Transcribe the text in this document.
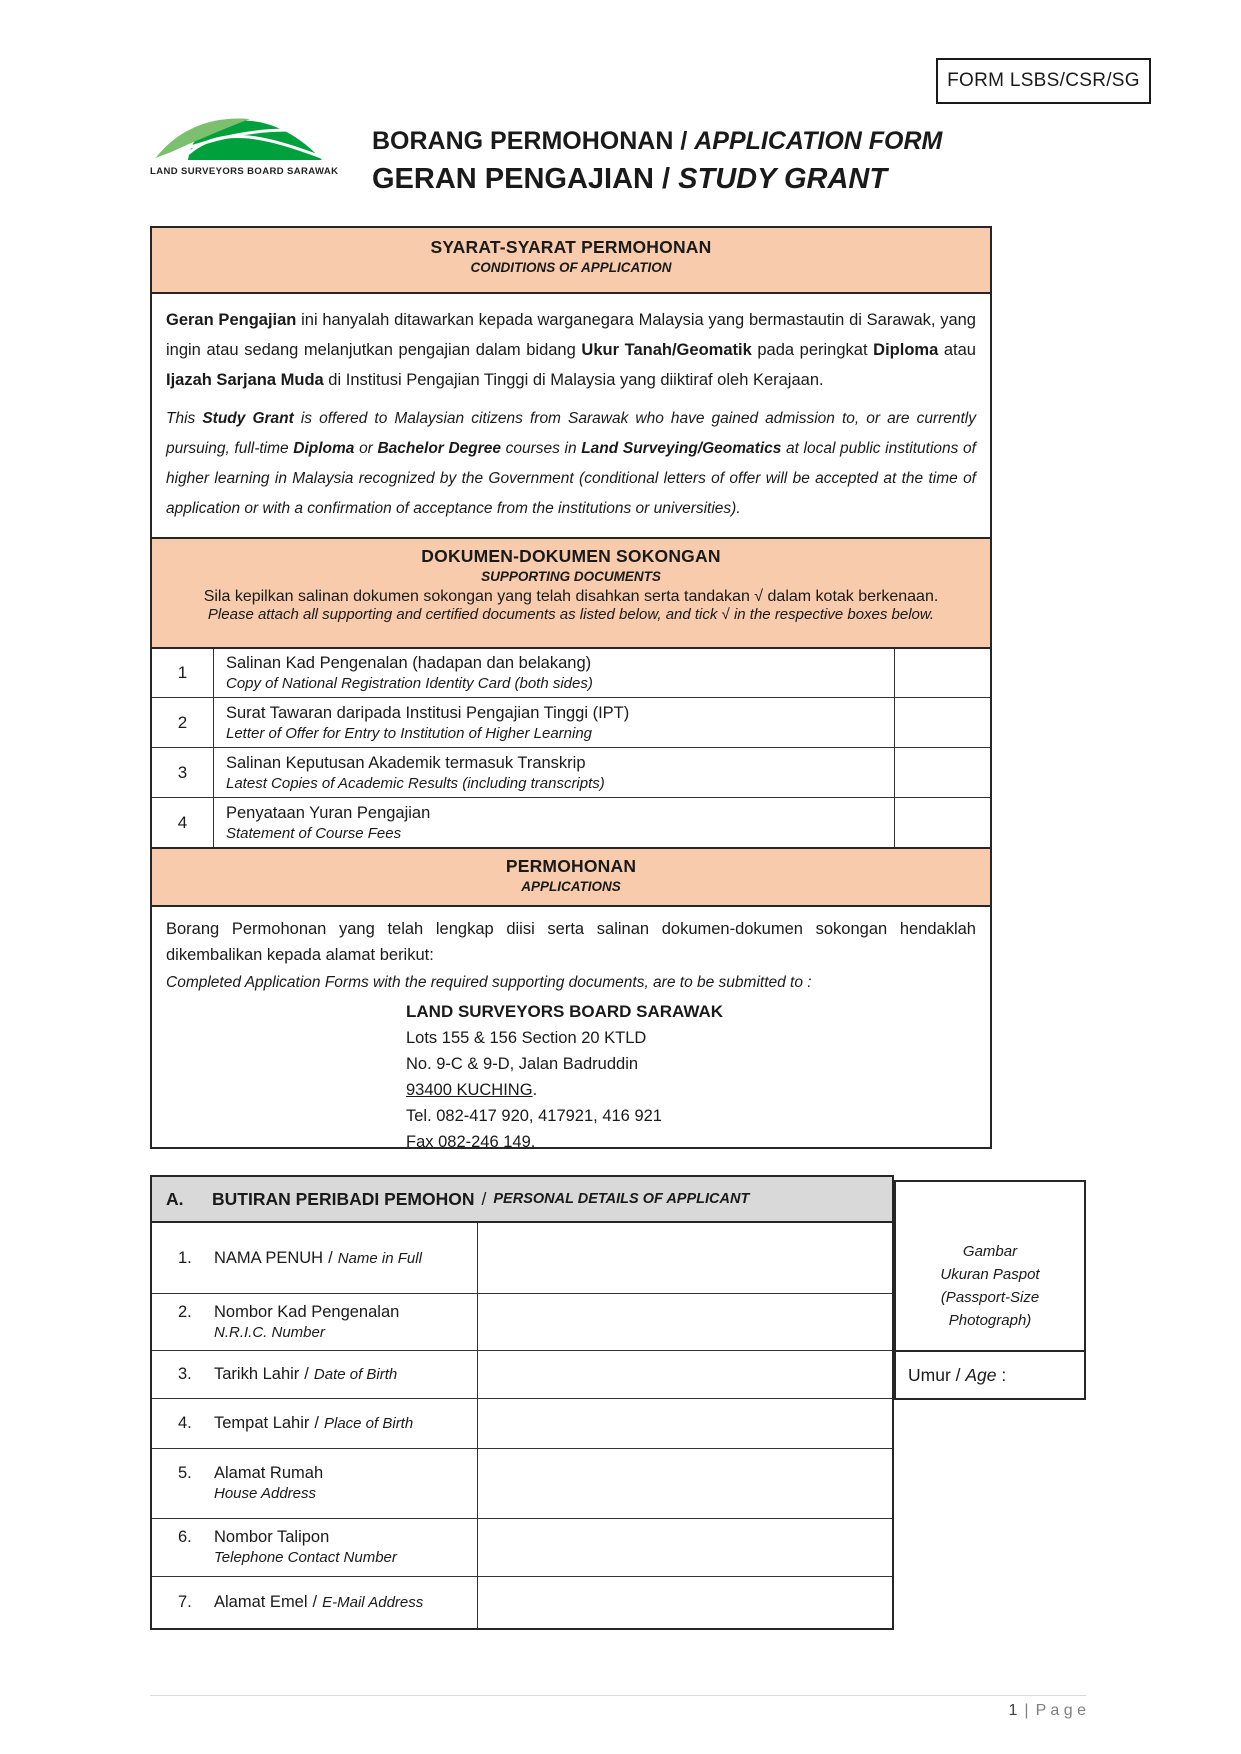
FORM LSBS/CSR/SG
LAND SURVEYORS BOARD SARAWAK
BORANG PERMOHONAN / APPLICATION FORM
GERAN PENGAJIAN / STUDY GRANT
SYARAT-SYARAT PERMOHONAN
CONDITIONS OF APPLICATION
Geran Pengajian ini hanyalah ditawarkan kepada warganegara Malaysia yang bermastautin di Sarawak, yang ingin atau sedang melanjutkan pengajian dalam bidang Ukur Tanah/Geomatik pada peringkat Diploma atau Ijazah Sarjana Muda di Institusi Pengajian Tinggi di Malaysia yang diiktiraf oleh Kerajaan.
This Study Grant is offered to Malaysian citizens from Sarawak who have gained admission to, or are currently pursuing, full-time Diploma or Bachelor Degree courses in Land Surveying/Geomatics at local public institutions of higher learning in Malaysia recognized by the Government (conditional letters of offer will be accepted at the time of application or with a confirmation of acceptance from the institutions or universities).
DOKUMEN-DOKUMEN SOKONGAN
SUPPORTING DOCUMENTS
Sila kepilkan salinan dokumen sokongan yang telah disahkan serta tandakan √ dalam kotak berkenaan.
Please attach all supporting and certified documents as listed below, and tick √ in the respective boxes below.
1	Salinan Kad Pengenalan (hadapan dan belakang)
Copy of National Registration Identity Card (both sides)
2	Surat Tawaran daripada Institusi Pengajian Tinggi (IPT)
Letter of Offer for Entry to Institution of Higher Learning
3	Salinan Keputusan Akademik termasuk Transkrip
Latest Copies of Academic Results (including transcripts)
4	Penyataan Yuran Pengajian
Statement of Course Fees
PERMOHONAN
APPLICATIONS
Borang Permohonan yang telah lengkap diisi serta salinan dokumen-dokumen sokongan hendaklah dikembalikan kepada alamat berikut:
Completed Application Forms with the required supporting documents, are to be submitted to :
LAND SURVEYORS BOARD SARAWAK
Lots 155 & 156 Section 20 KTLD
No. 9-C & 9-D, Jalan Badruddin
93400 KUCHING.
Tel. 082-417 920, 417921, 416 921
Fax 082-246 149.
A.	BUTIRAN PERIBADI PEMOHON / PERSONAL DETAILS OF APPLICANT
1.	NAMA PENUH / Name in Full
2.	Nombor Kad Pengenalan
N.R.I.C. Number
3.	Tarikh Lahir / Date of Birth
4.	Tempat Lahir / Place of Birth
5.	Alamat Rumah
House Address
6.	Nombor Talipon
Telephone Contact Number
7.	Alamat Emel / E-Mail Address
Gambar
Ukuran Paspot
(Passport-Size
Photograph)
Umur / Age :
1 | P a g e
